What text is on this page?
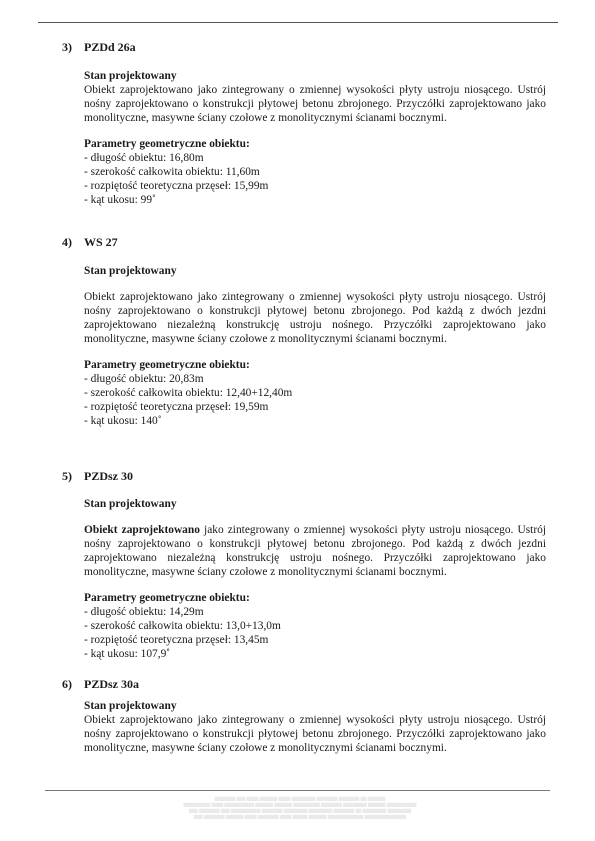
3) PZDd 26a
Stan projektowany

Obiekt zaprojektowano jako zintegrowany o zmiennej wysokości płyty ustroju niosącego. Ustrój nośny zaprojektowano o konstrukcji płytowej betonu zbrojonego. Przyczółki zaprojektowano jako monolityczne, masywne ściany czołowe z monolitycznymi ścianami bocznymi.

Parametry geometryczne obiektu:
- długość obiektu: 16,80m
- szerokość całkowita obiektu: 11,60m
- rozpiętość teoretyczna przęseł: 15,99m
- kąt ukosu: 99˚
4) WS 27
Stan projektowany

Obiekt zaprojektowano jako zintegrowany o zmiennej wysokości płyty ustroju niosącego. Ustrój nośny zaprojektowano o konstrukcji płytowej betonu zbrojonego. Pod każdą z dwóch jezdni zaprojektowano niezależną konstrukcję ustroju nośnego. Przyczółki zaprojektowano jako monolityczne, masywne ściany czołowe z monolitycznymi ścianami bocznymi.

Parametry geometryczne obiektu:
- długość obiektu: 20,83m
- szerokość całkowita obiektu: 12,40+12,40m
- rozpiętość teoretyczna przęseł: 19,59m
- kąt ukosu: 140˚
5) PZDsz 30
Stan projektowany

Obiekt zaprojektowano jako zintegrowany o zmiennej wysokości płyty ustroju niosącego. Ustrój nośny zaprojektowano o konstrukcji płytowej betonu zbrojonego. Pod każdą z dwóch jezdni zaprojektowano niezależną konstrukcję ustroju nośnego. Przyczółki zaprojektowano jako monolityczne, masywne ściany czołowe z monolitycznymi ścianami bocznymi.

Parametry geometryczne obiektu:
- długość obiektu: 14,29m
- szerokość całkowita obiektu: 13,0+13,0m
- rozpiętość teoretyczna przęseł: 13,45m
- kąt ukosu: 107,9˚
6) PZDsz 30a
Stan projektowany

Obiekt zaprojektowano jako zintegrowany o zmiennej wysokości płyty ustroju niosącego. Ustrój nośny zaprojektowano o konstrukcji płytowej betonu zbrojonego. Przyczółki zaprojektowano jako monolityczne, masywne ściany czołowe z monolitycznymi ścianami bocznymi.

▒▒▒▒▒▒▒ ▒▒▒ ▒▒▒▒ ▒▒▒▒▒▒ ▒▒▒▒ ▒▒▒▒▒▒▒▒ ▒▒▒▒▒▒▒ ▒▒▒▒▒▒▒ ▒▒ ▒▒▒▒▒▒
▒▒▒▒▒▒▒▒▒ ▒▒▒▒ ▒▒▒▒▒▒▒▒▒▒ ▒▒▒▒▒▒ ▒▒▒▒▒▒ ▒▒▒▒▒▒▒▒▒ ▒▒▒▒▒▒▒ ▒▒▒▒▒▒▒▒ ▒▒▒▒▒▒ ▒▒▒▒▒▒▒▒▒▒
▒▒▒ ▒▒▒▒▒▒▒ ▒▒▒ ▒▒▒▒▒▒▒▒▒▒ ▒▒▒▒▒▒▒ ▒▒▒▒▒▒▒▒ ▒▒▒▒▒▒▒▒ ▒▒▒▒▒▒▒ ▒▒ ▒▒▒▒▒▒▒▒ ▒▒▒▒▒▒▒▒
▒▒▒ ▒▒▒▒▒▒▒ ▒▒▒▒▒▒ ▒▒▒▒ ▒▒▒▒▒▒▒ ▒▒▒▒ ▒▒▒▒▒ ▒▒▒▒▒▒ ▒▒▒▒▒▒▒▒▒▒▒▒ ▒▒▒▒▒▒▒▒▒▒▒▒▒▒
